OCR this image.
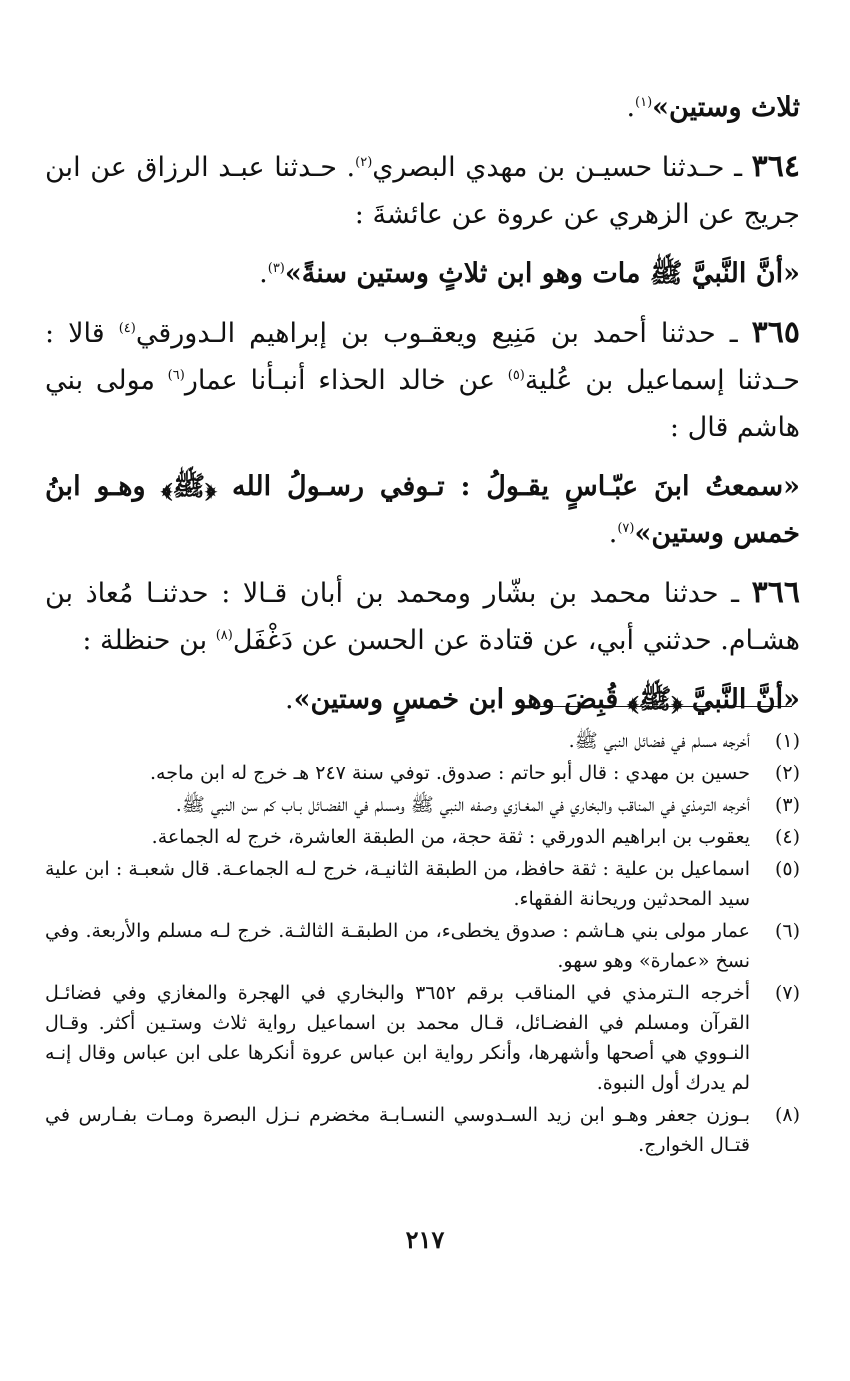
ثلاث وستين»$^{(١)}$.

٣٦٤ ـ حـدثنا حسيـن بن مهدي البصري$^{(٢)}$. حـدثنا عبـد الرزاق عن ابن جريج عن الزهري عن عروة عن عائشةَ :

«أنَّ النَّبيَّ ﷺ مات وهو ابن ثلاثٍ وستين سنةً»$^{(٣)}$.

٣٦٥ ـ حدثنا أحمد بن مَنِيع ويعقـوب بن إبراهيم الـدورقي$^{(٤)}$ قالا : حـدثنا إسماعيل بن عُلية$^{(٥)}$ عن خالد الحذاء أنبـأنا عمار$^{(٦)}$ مولى بني هاشم قال :

«سمعتُ ابنَ عبّـاسٍ يقـولُ : تـوفي رسـولُ الله ﴿ﷺ﴾ وهـو ابنُ خمس وستين»$^{(٧)}$.

٣٦٦ ـ حدثنا محمد بن بشّار ومحمد بن أبان قـالا : حدثنـا مُعاذ بن هشـام. حدثني أبي، عن قتادة عن الحسن عن دَغْفَل$^{(٨)}$ بن حنظلة :

«أنَّ النَّبيَّ ﴿ﷺ﴾ قُبِضَ وهو ابن خمسٍ وستين».

(١)
أخرجه مسلم في فضائل النبي ﷺ.
(٢)
حسين بن مهدي : قال أبو حاتم : صدوق. توفي سنة ٢٤٧ هـ خرج له ابن ماجه.
(٣)
أخرجه الترمذي في المناقب والبخاري في المغـازي وصفه النبي ﷺ ومسلم في الفضـائل بـاب كم سن النبي ﷺ.
(٤)
يعقوب بن ابراهيم الدورقي : ثقة حجة، من الطبقة العاشرة، خرج له الجماعة.
(٥)
اسماعيل بن علية : ثقة حافظ، من الطبقة الثانيـة، خرج لـه الجماعـة. قال شعبـة : ابن علية سيد المحدثين وريحانة الفقهاء.
(٦)
عمار مولى بني هـاشم : صدوق يخطىء، من الطبقـة الثالثـة. خرج لـه مسلم والأربعة. وفي نسخ «عمارة» وهو سهو.
(٧)
أخرجه الـترمذي في المناقب برقم ٣٦٥٢ والبخاري في الهجرة والمغازي وفي فضائـل القرآن ومسلم في الفضـائل، قـال محمد بن اسماعيل رواية ثلاث وستـين أكثر. وقـال النـووي هي أصحها وأشهرها، وأنكر رواية ابن عباس عروة أنكرها على ابن عباس وقال إنـه لم يدرك أول النبوة.
(٨)
بـوزن جعفر وهـو ابن زيد السـدوسي النسـابـة مخضرم نـزل البصرة ومـات بفـارس في قتـال الخوارج.
٢١٧
